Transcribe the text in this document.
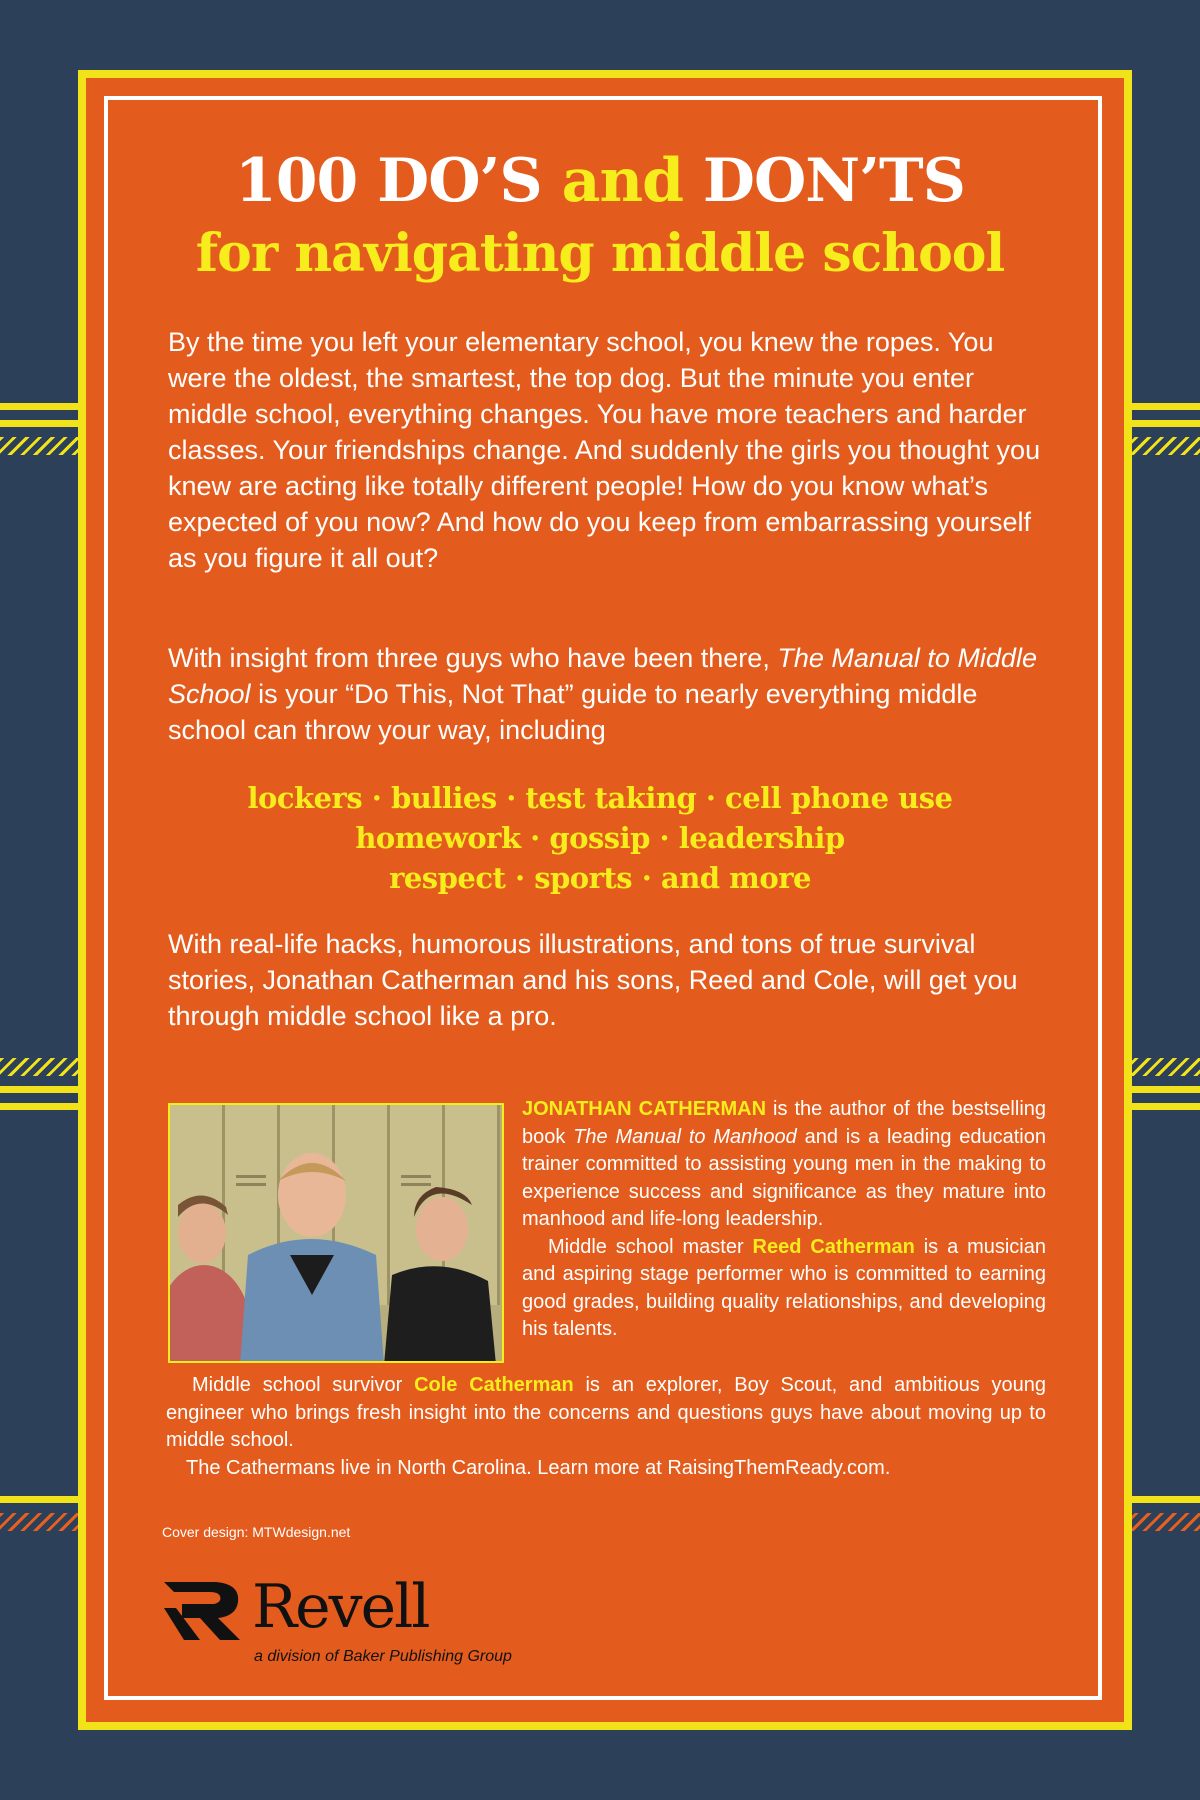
100 DO’S and DON’TS
for navigating middle school
By the time you left your elementary school, you knew the ropes. You were the oldest, the smartest, the top dog. But the minute you enter middle school, everything changes. You have more teachers and harder classes. Your friendships change. And suddenly the girls you thought you knew are acting like totally different people! How do you know what’s expected of you now? And how do you keep from embarrassing yourself as you figure it all out?
With insight from three guys who have been there, The Manual to Middle School is your “Do This, Not That” guide to nearly everything middle school can throw your way, including
lockers · bullies · test taking · cell phone use
homework · gossip · leadership
respect · sports · and more
With real-life hacks, humorous illustrations, and tons of true survival stories, Jonathan Catherman and his sons, Reed and Cole, will get you through middle school like a pro.
JONATHAN CATHERMAN is the author of the bestselling book The Manual to Manhood and is a leading education trainer committed to assisting young men in the making to experience success and significance as they mature into manhood and life-long leadership.
Middle school master Reed Catherman is a musician and aspiring stage performer who is committed to earning good grades, building quality relationships, and developing his talents.
Middle school survivor Cole Catherman is an explorer, Boy Scout, and ambitious young engineer who brings fresh insight into the concerns and questions guys have about moving up to middle school.
The Cathermans live in North Carolina. Learn more at RaisingThemReady.com.
Cover design: MTWdesign.net
Revell
a division of Baker Publishing Group
